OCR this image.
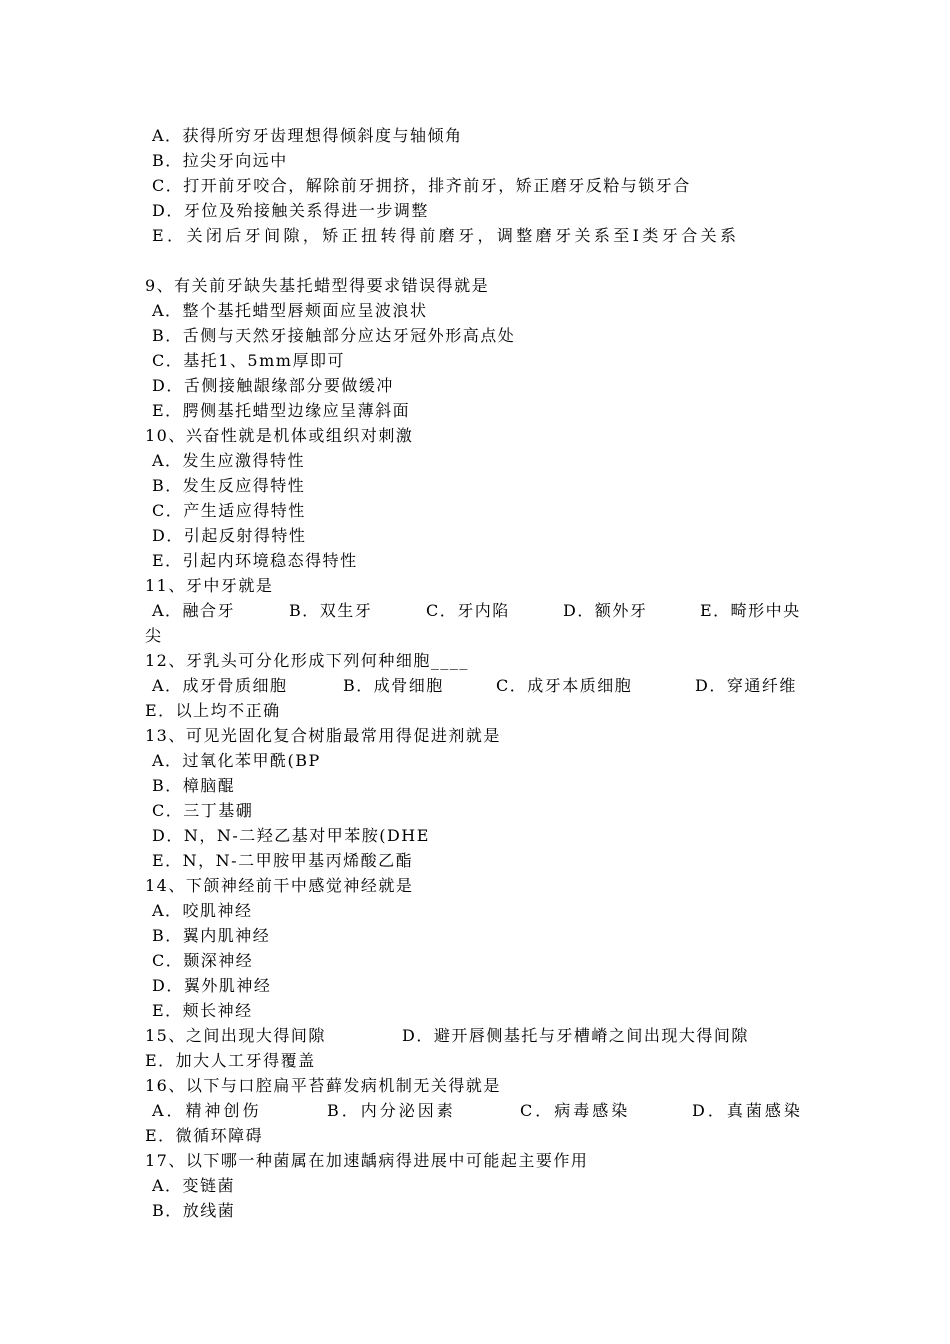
A．获得所穷牙齿理想得倾斜度与轴倾角
B．拉尖牙向远中
C．打开前牙咬合，解除前牙拥挤，排齐前牙，矫正磨牙反粭与锁牙合
D．牙位及殆接触关系得进一步调整
E．关闭后牙间隙，矫正扭转得前磨牙，调整磨牙关系至Ⅰ类牙合关系
9、有关前牙缺失基托蜡型得要求错误得就是
A．整个基托蜡型唇颊面应呈波浪状
B．舌侧与天然牙接触部分应达牙冠外形高点处
C．基托1、5mm厚即可
D．舌侧接触龈缘部分要做缓冲
E．腭侧基托蜡型边缘应呈薄斜面
10、兴奋性就是机体或组织对刺激
A．发生应激得特性
B．发生反应得特性
C．产生适应得特性
D．引起反射得特性
E．引起内环境稳态得特性
11、牙中牙就是
A．融合牙	B．双生牙	C．牙内陷	D．额外牙	E．畸形中央
尖
12、牙乳头可分化形成下列何种细胞____
A．成牙骨质细胞	B．成骨细胞	C．成牙本质细胞	D．穿通纤维
E．以上均不正确
13、可见光固化复合树脂最常用得促进剂就是
A．过氧化苯甲酰(BP
B．樟脑醌
C．三丁基硼
D．N，N-二羟乙基对甲苯胺(DHE
E．N，N-二甲胺甲基丙烯酸乙酯
14、下颌神经前干中感觉神经就是
A．咬肌神经
B．翼内肌神经
C．颞深神经
D．翼外肌神经
E．颊长神经
15、之间出现大得间隙	D．避开唇侧基托与牙槽嵴之间出现大得间隙
E．加大人工牙得覆盖
16、以下与口腔扁平苔藓发病机制无关得就是
A．精神创伤	B．内分泌因素	C．病毒感染	D．真菌感染
E．微循环障碍
17、以下哪一种菌属在加速龋病得进展中可能起主要作用
A．变链菌
B．放线菌
